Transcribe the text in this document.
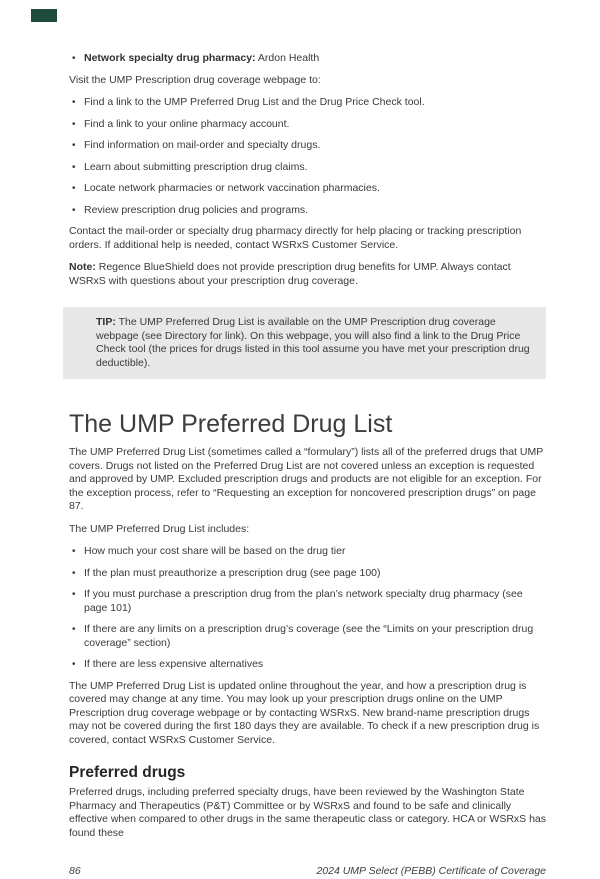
• Network specialty drug pharmacy: Ardon Health

Visit the UMP Prescription drug coverage webpage to:

• Find a link to the UMP Preferred Drug List and the Drug Price Check tool.
• Find a link to your online pharmacy account.
• Find information on mail-order and specialty drugs.
• Learn about submitting prescription drug claims.
• Locate network pharmacies or network vaccination pharmacies.
• Review prescription drug policies and programs.

Contact the mail-order or specialty drug pharmacy directly for help placing or tracking prescription orders. If additional help is needed, contact WSRxS Customer Service.

Note: Regence BlueShield does not provide prescription drug benefits for UMP. Always contact WSRxS with questions about your prescription drug coverage.

TIP: The UMP Preferred Drug List is available on the UMP Prescription drug coverage webpage (see Directory for link). On this webpage, you will also find a link to the Drug Price Check tool (the prices for drugs listed in this tool assume you have met your prescription drug deductible).
The UMP Preferred Drug List

The UMP Preferred Drug List (sometimes called a “formulary”) lists all of the preferred drugs that UMP covers. Drugs not listed on the Preferred Drug List are not covered unless an exception is requested and approved by UMP. Excluded prescription drugs and products are not eligible for an exception. For the exception process, refer to “Requesting an exception for noncovered prescription drugs” on page 87.

The UMP Preferred Drug List includes:

• How much your cost share will be based on the drug tier
• If the plan must preauthorize a prescription drug (see page 100)
• If you must purchase a prescription drug from the plan’s network specialty drug pharmacy (see page 101)
• If there are any limits on a prescription drug’s coverage (see the “Limits on your prescription drug coverage” section)
• If there are less expensive alternatives

The UMP Preferred Drug List is updated online throughout the year, and how a prescription drug is covered may change at any time. You may look up your prescription drugs online on the UMP Prescription drug coverage webpage or by contacting WSRxS. New brand-name prescription drugs may not be covered during the first 180 days they are available. To check if a new prescription drug is covered, contact WSRxS Customer Service.

Preferred drugs

Preferred drugs, including preferred specialty drugs, have been reviewed by the Washington State Pharmacy and Therapeutics (P&T) Committee or by WSRxS and found to be safe and clinically effective when compared to other drugs in the same therapeutic class or category. HCA or WSRxS has found these

86	2024 UMP Select (PEBB) Certificate of Coverage
